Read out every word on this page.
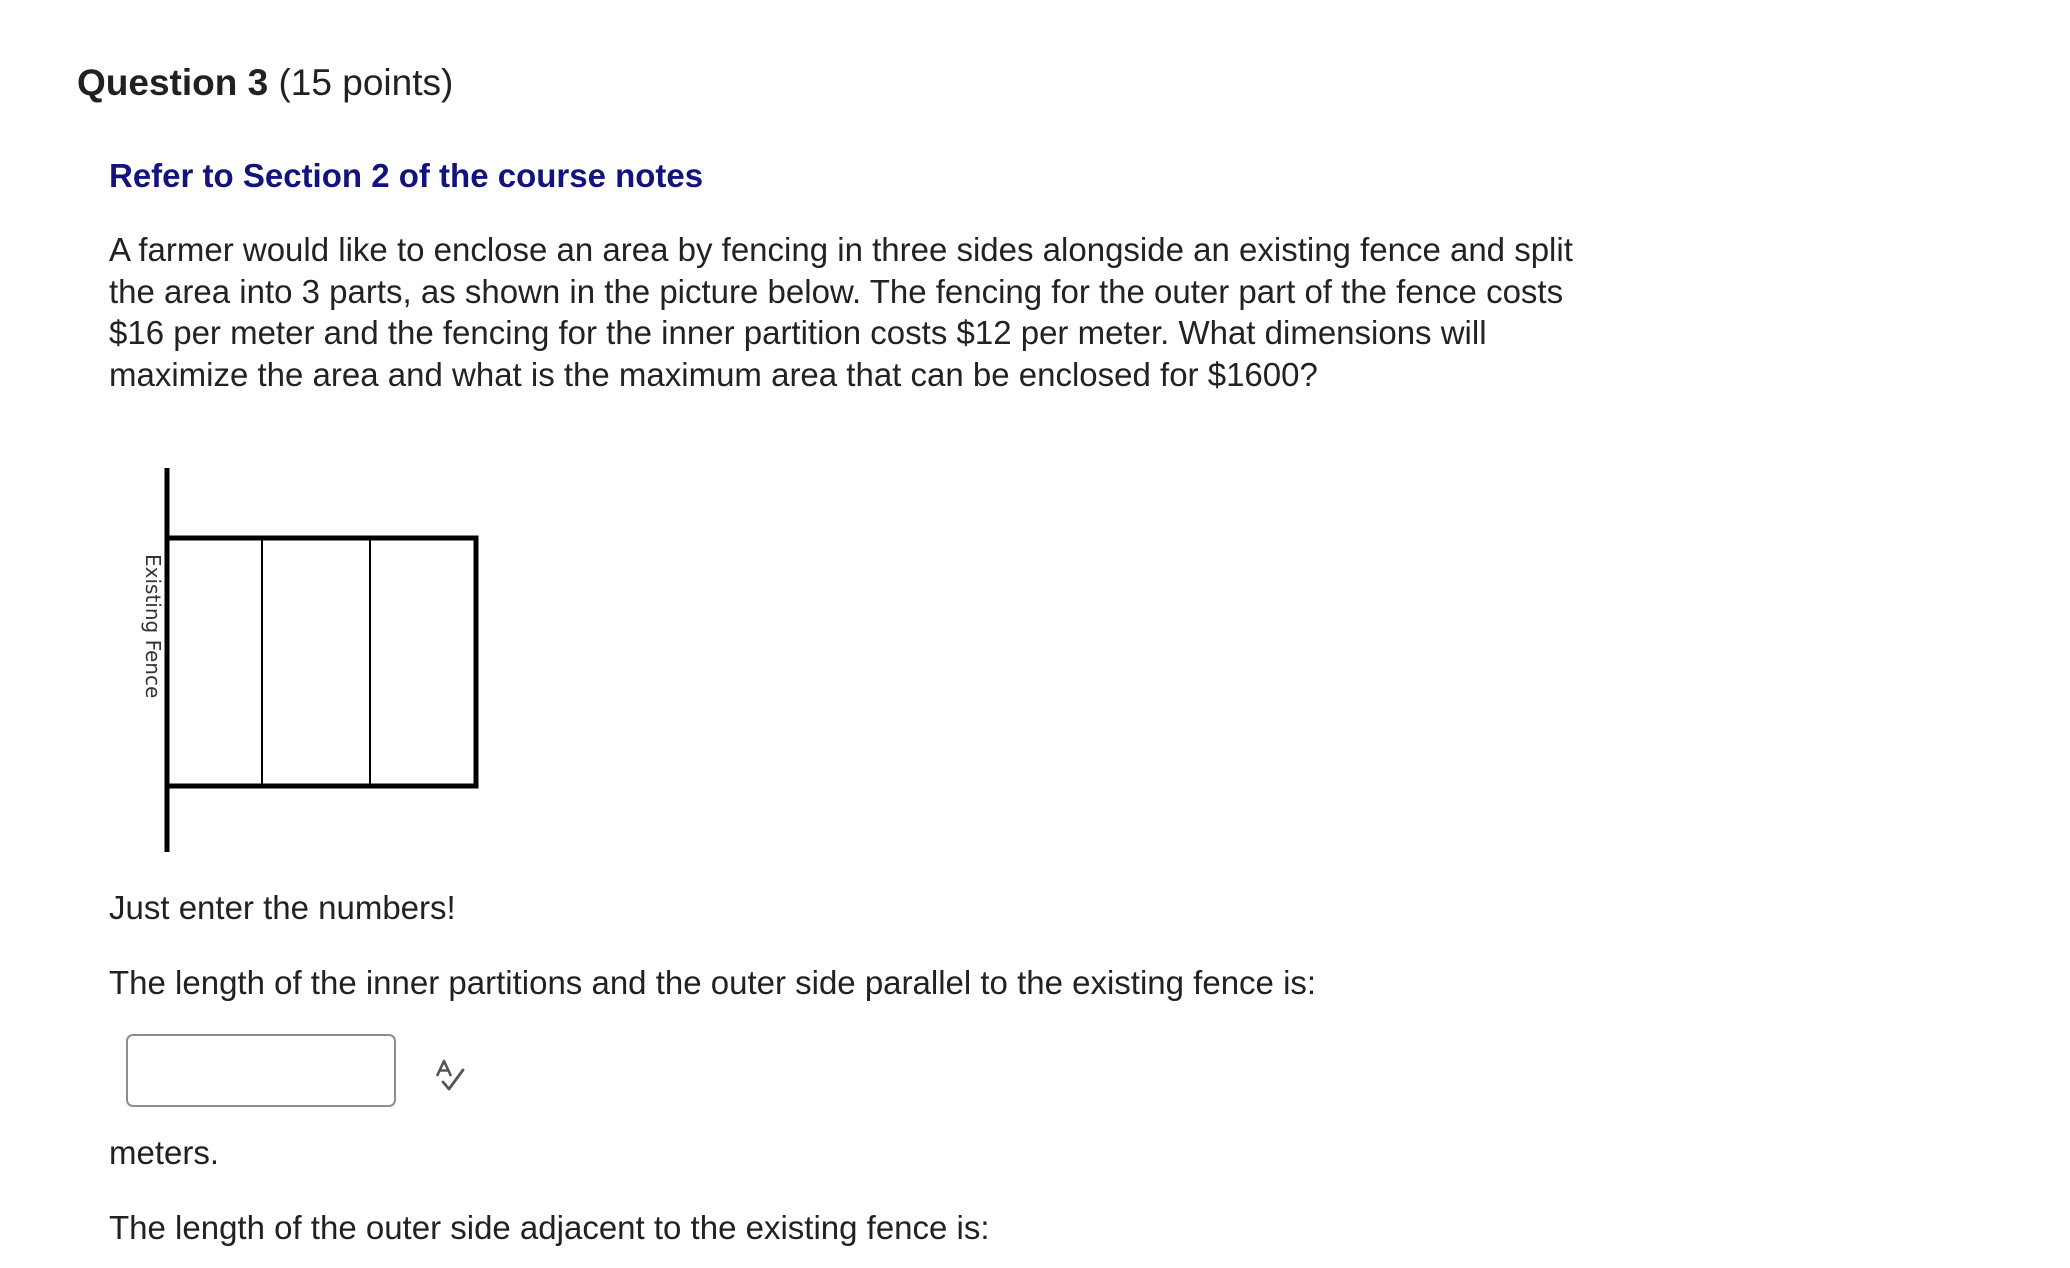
Question 3 (15 points)
Refer to Section 2 of the course notes
A farmer would like to enclose an area by fencing in three sides alongside an existing fence and split the area into 3 parts, as shown in the picture below. The fencing for the outer part of the fence costs $16 per meter and the fencing for the inner partition costs $12 per meter. What dimensions will maximize the area and what is the maximum area that can be enclosed for $1600?
Existing Fence
Just enter the numbers!
The length of the inner partitions and the outer side parallel to the existing fence is:
meters.
The length of the outer side adjacent to the existing fence is:
